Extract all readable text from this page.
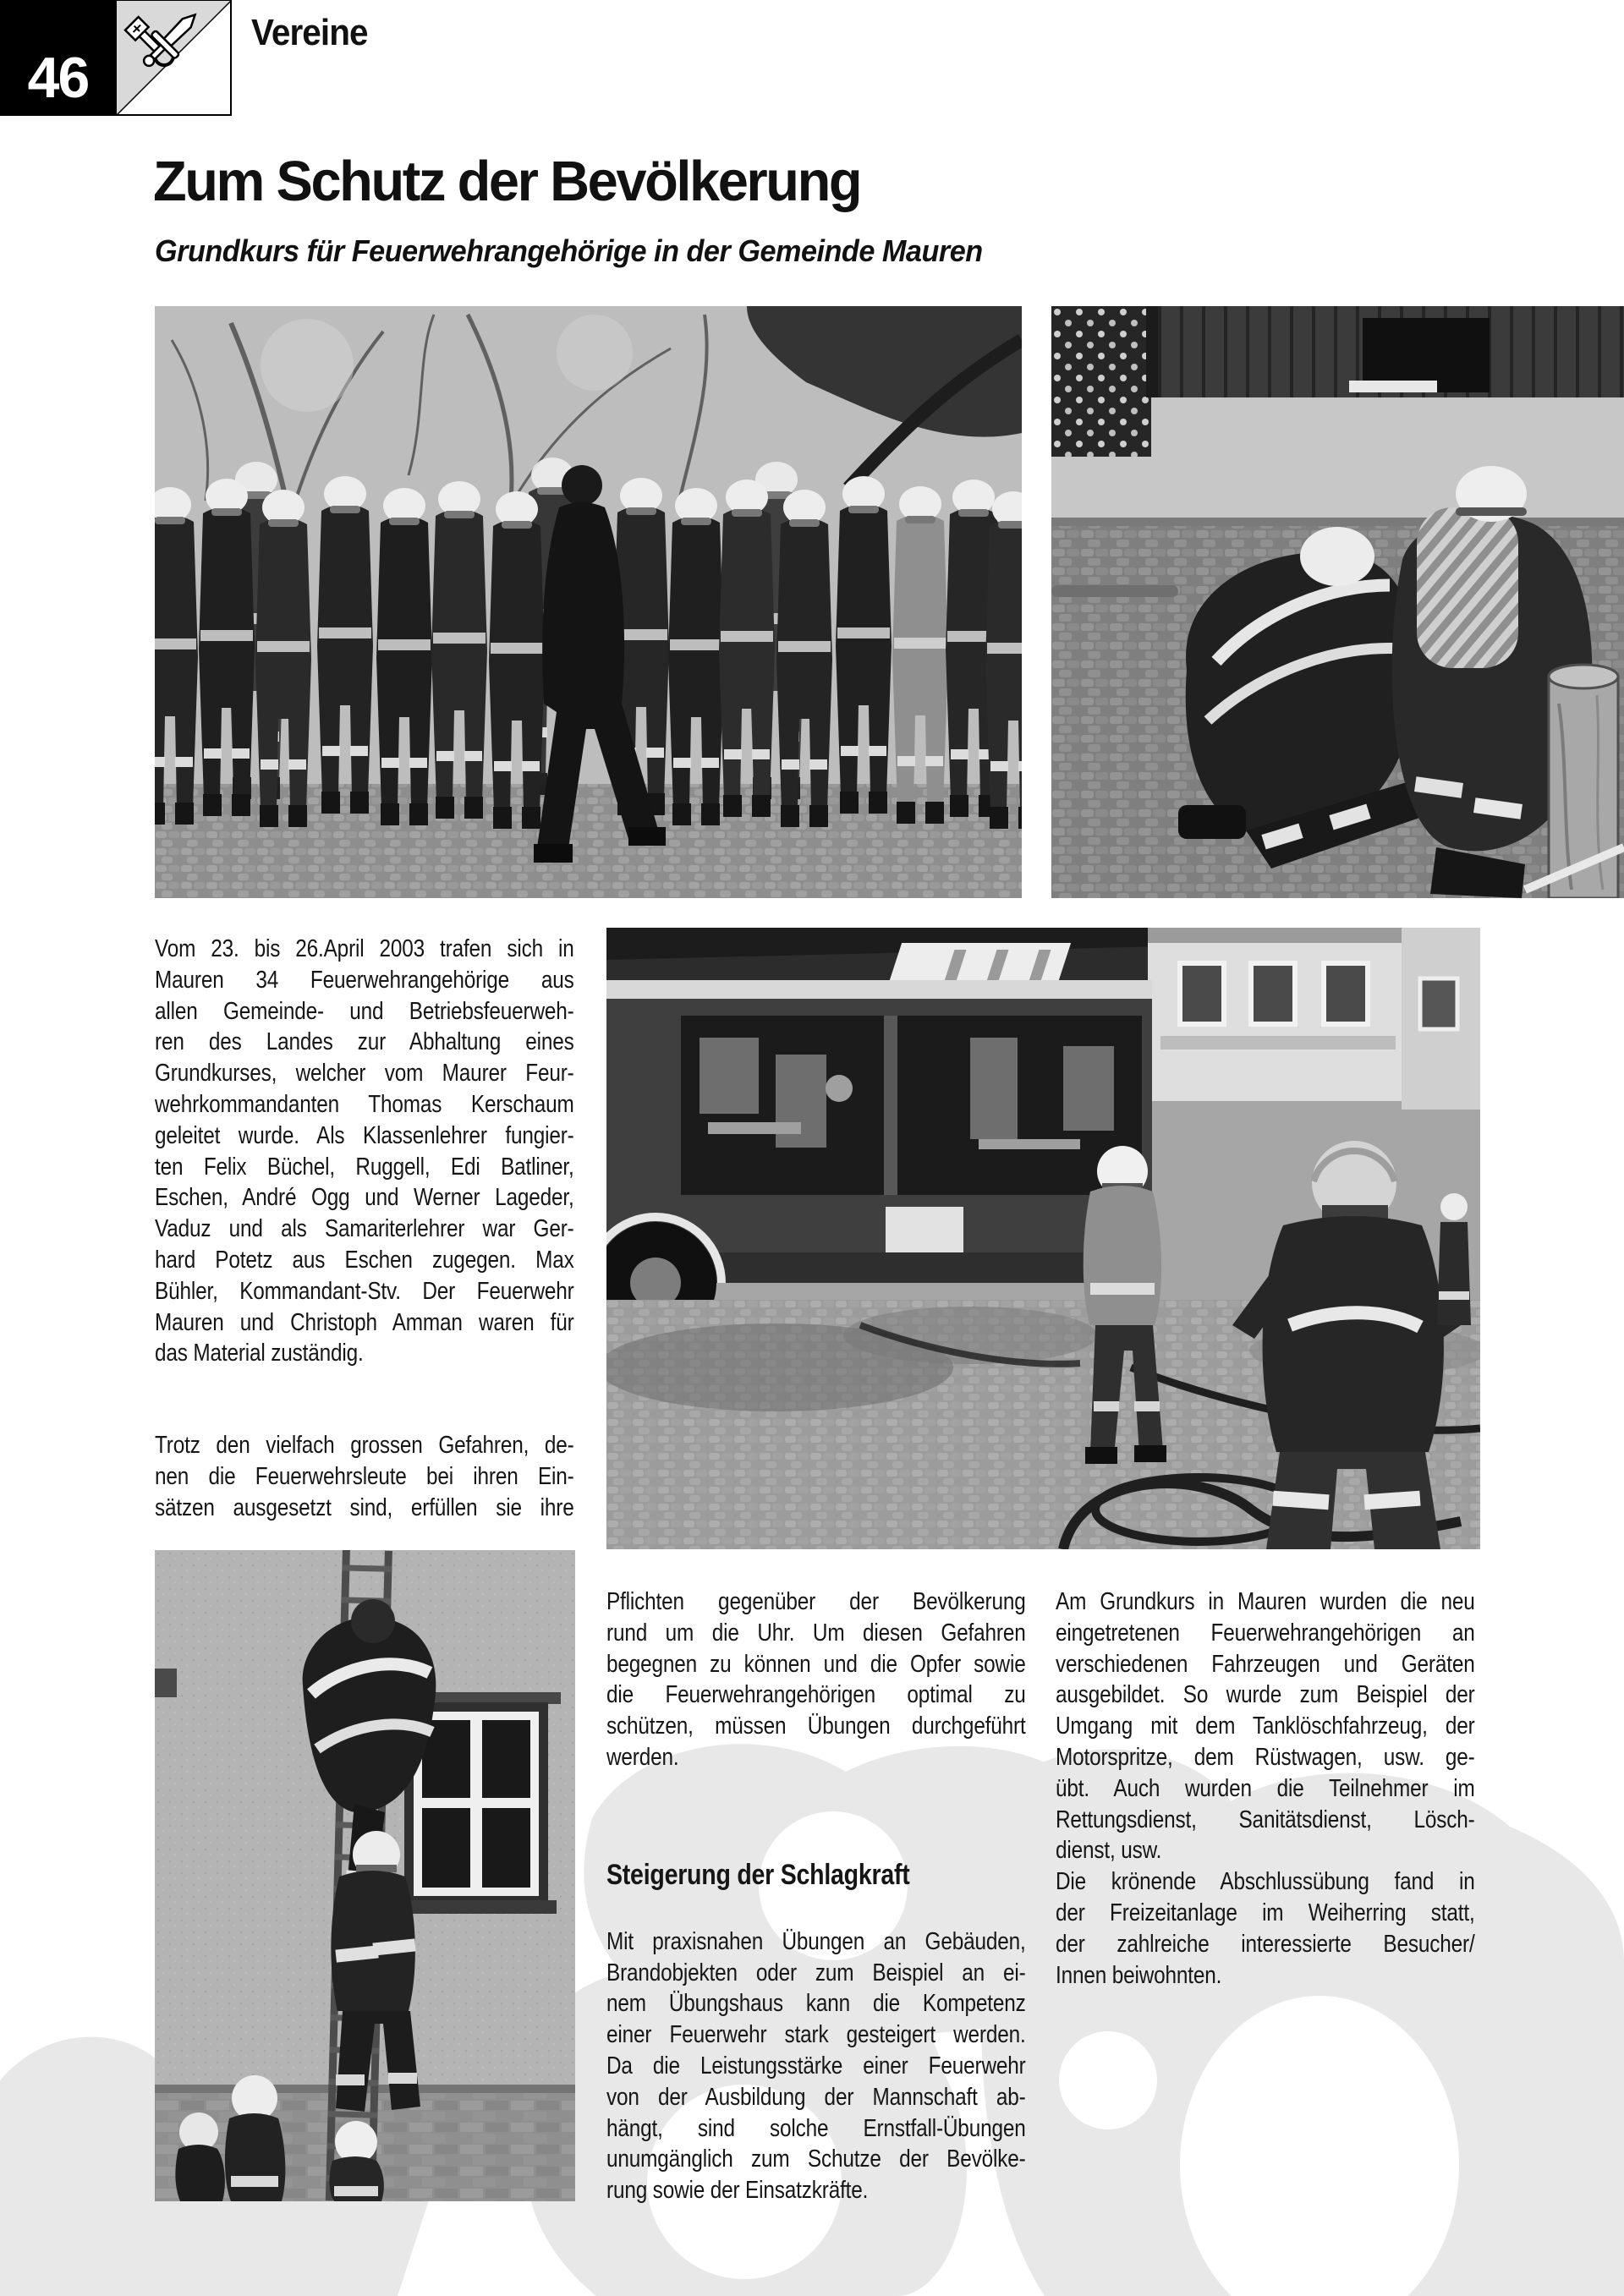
46
Vereine
Zum Schutz der Bevölkerung
Grundkurs für Feuerwehrangehörige in der Gemeinde Mauren
Vom 23. bis 26.April 2003 trafen sich in
Mauren 34 Feuerwehrangehörige aus
allen Gemeinde- und Betriebsfeuerweh-
ren des Landes zur Abhaltung eines
Grundkurses, welcher vom Maurer Feur-
wehrkommandanten Thomas Kerschaum
geleitet wurde. Als Klassenlehrer fungier-
ten Felix Büchel, Ruggell, Edi Batliner,
Eschen, André Ogg und Werner Lageder,
Vaduz und als Samariterlehrer war Ger-
hard Potetz aus Eschen zugegen. Max
Bühler, Kommandant-Stv. Der Feuerwehr
Mauren und Christoph Amman waren für
das Material zuständig.
Trotz den vielfach grossen Gefahren, de-
nen die Feuerwehrsleute bei ihren Ein-
sätzen ausgesetzt sind, erfüllen sie ihre
Pflichten gegenüber der Bevölkerung
rund um die Uhr. Um diesen Gefahren
begegnen zu können und die Opfer sowie
die Feuerwehrangehörigen optimal zu
schützen, müssen Übungen durchgeführt
werden.
Steigerung der Schlagkraft
Mit praxisnahen Übungen an Gebäuden,
Brandobjekten oder zum Beispiel an ei-
nem Übungshaus kann die Kompetenz
einer Feuerwehr stark gesteigert werden.
Da die Leistungsstärke einer Feuerwehr
von der Ausbildung der Mannschaft ab-
hängt, sind solche Ernstfall-Übungen
unumgänglich zum Schutze der Bevölke-
rung sowie der Einsatzkräfte.
Am Grundkurs in Mauren wurden die neu
eingetretenen Feuerwehrangehörigen an
verschiedenen Fahrzeugen und Geräten
ausgebildet. So wurde zum Beispiel der
Umgang mit dem Tanklöschfahrzeug, der
Motorspritze, dem Rüstwagen, usw. ge-
übt. Auch wurden die Teilnehmer im
Rettungsdienst, Sanitätsdienst, Lösch-
dienst, usw.
Die krönende Abschlussübung fand in
der Freizeitanlage im Weiherring statt,
der zahlreiche interessierte Besucher/
Innen beiwohnten.
